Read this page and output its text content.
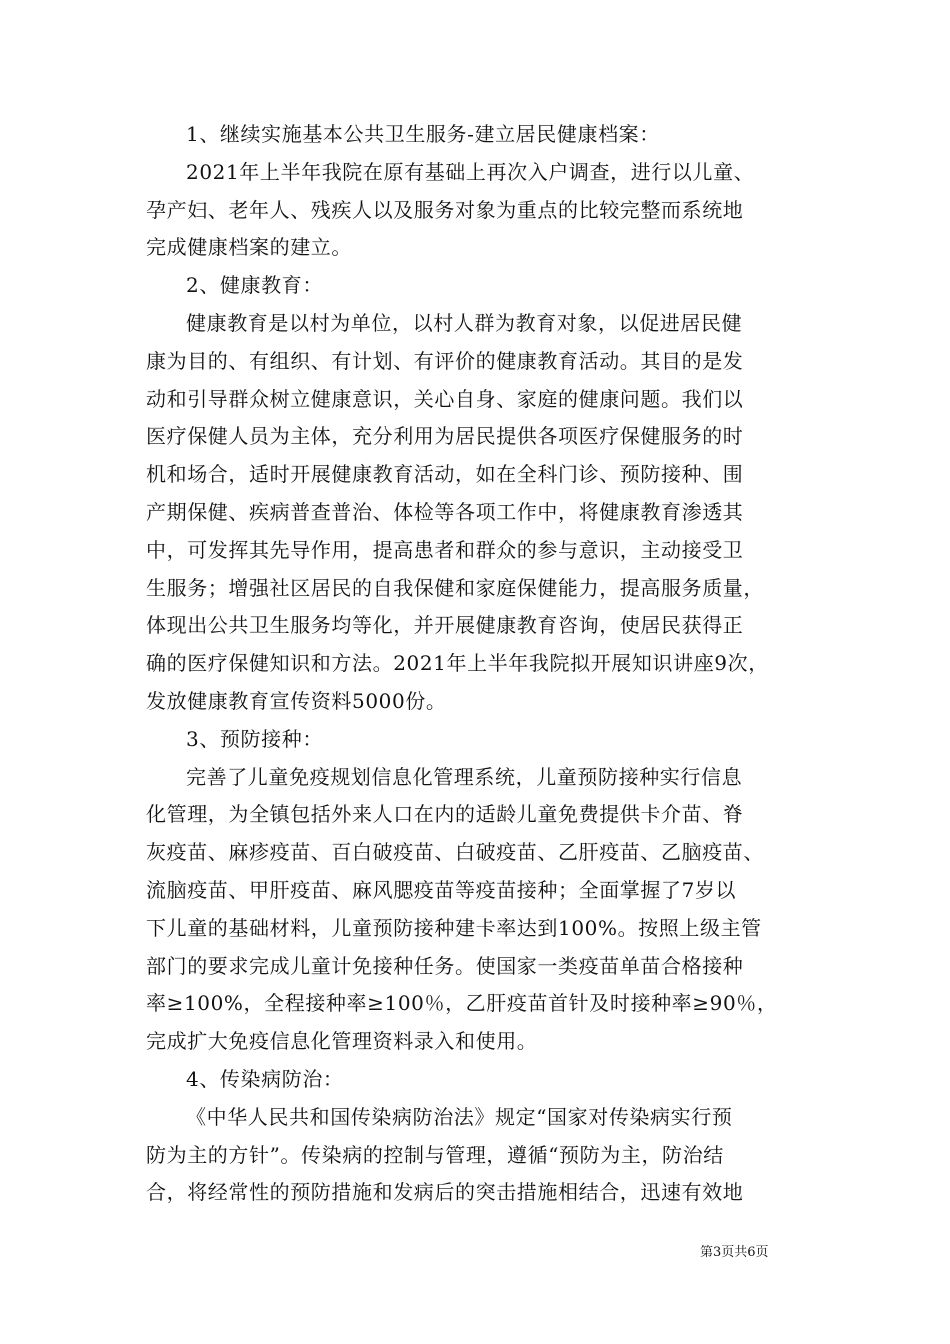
1、继续实施基本公共卫生服务-建立居民健康档案：
2021年上半年我院在原有基础上再次入户调查，进行以儿童、
孕产妇、老年人、残疾人以及服务对象为重点的比较完整而系统地
完成健康档案的建立。
2、健康教育：
健康教育是以村为单位，以村人群为教育对象，以促进居民健
康为目的、有组织、有计划、有评价的健康教育活动。其目的是发
动和引导群众树立健康意识，关心自身、家庭的健康问题。我们以
医疗保健人员为主体，充分利用为居民提供各项医疗保健服务的时
机和场合，适时开展健康教育活动，如在全科门诊、预防接种、围
产期保健、疾病普查普治、体检等各项工作中，将健康教育渗透其
中，可发挥其先导作用，提高患者和群众的参与意识，主动接受卫
生服务；增强社区居民的自我保健和家庭保健能力，提高服务质量，
体现出公共卫生服务均等化，并开展健康教育咨询，使居民获得正
确的医疗保健知识和方法。2021年上半年我院拟开展知识讲座9次，
发放健康教育宣传资料5000份。
3、预防接种：
完善了儿童免疫规划信息化管理系统，儿童预防接种实行信息
化管理，为全镇包括外来人口在内的适龄儿童免费提供卡介苗、脊
灰疫苗、麻疹疫苗、百白破疫苗、白破疫苗、乙肝疫苗、乙脑疫苗、
流脑疫苗、甲肝疫苗、麻风腮疫苗等疫苗接种；全面掌握了7岁以
下儿童的基础材料，儿童预防接种建卡率达到100%。按照上级主管
部门的要求完成儿童计免接种任务。使国家一类疫苗单苗合格接种
率≥100%，全程接种率≥100％，乙肝疫苗首针及时接种率≥90％，
完成扩大免疫信息化管理资料录入和使用。
4、传染病防治：
《中华人民共和国传染病防治法》规定“国家对传染病实行预
防为主的方针”。传染病的控制与管理，遵循“预防为主，防治结
合，将经常性的预防措施和发病后的突击措施相结合，迅速有效地
第3页共6页
